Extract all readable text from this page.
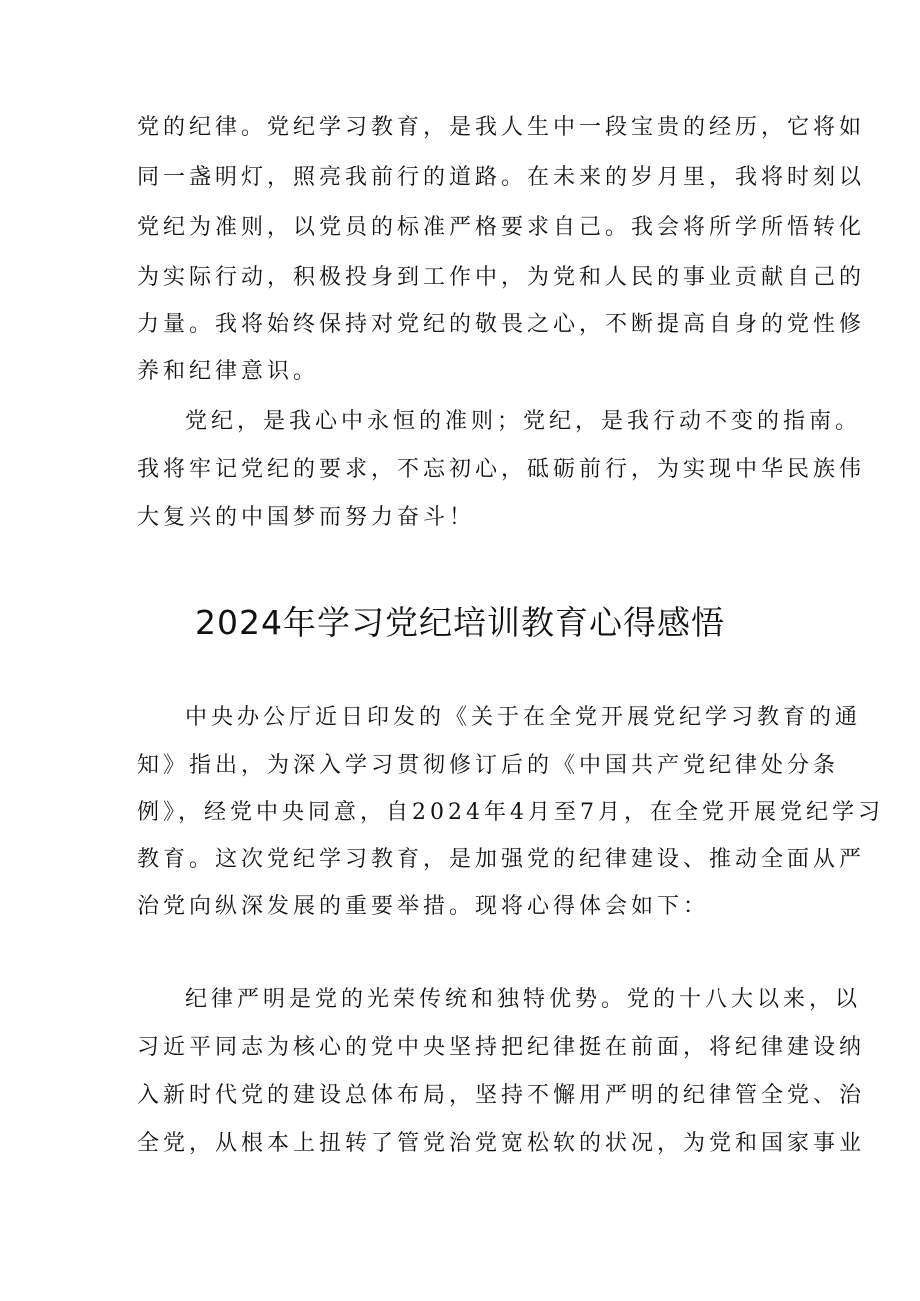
党的纪律。党纪学习教育，是我人生中一段宝贵的经历，它将如
同一盏明灯，照亮我前行的道路。在未来的岁月里，我将时刻以
党纪为准则，以党员的标准严格要求自己。我会将所学所悟转化
为实际行动，积极投身到工作中，为党和人民的事业贡献自己的
力量。我将始终保持对党纪的敬畏之心，不断提高自身的党性修
养和纪律意识。
党纪，是我心中永恒的准则；党纪，是我行动不变的指南。
我将牢记党纪的要求，不忘初心，砥砺前行，为实现中华民族伟
大复兴的中国梦而努力奋斗！
2024年学习党纪培训教育心得感悟
中央办公厅近日印发的《关于在全党开展党纪学习教育的通
知》指出，为深入学习贯彻修订后的《中国共产党纪律处分条
例》，经党中央同意，自2024年4月至7月，在全党开展党纪学习
教育。这次党纪学习教育，是加强党的纪律建设、推动全面从严
治党向纵深发展的重要举措。现将心得体会如下：
纪律严明是党的光荣传统和独特优势。党的十八大以来，以
习近平同志为核心的党中央坚持把纪律挺在前面，将纪律建设纳
入新时代党的建设总体布局，坚持不懈用严明的纪律管全党、治
全党，从根本上扭转了管党治党宽松软的状况，为党和国家事业
